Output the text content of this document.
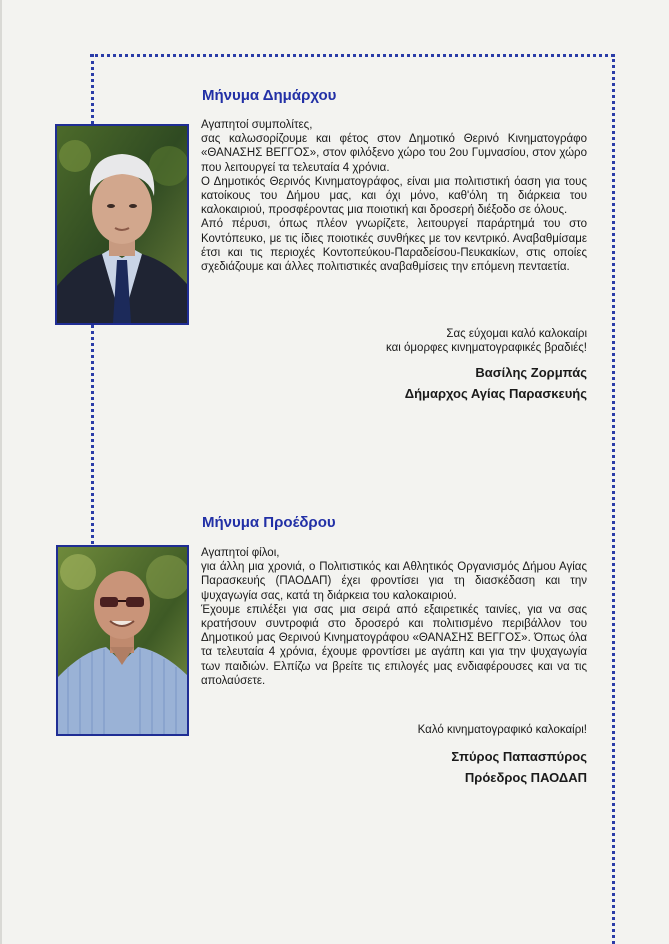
Μήνυμα Δημάρχου

Αγαπητοί συμπολίτες,

σας καλωσορίζουμε και φέτος στον Δημοτικό Θερινό Κινηματογράφο «ΘΑΝΑΣΗΣ ΒΕΓΓΟΣ», στον φιλόξενο χώρο του 2ου Γυμνασίου, στον χώρο που λειτουργεί τα τελευταία 4 χρόνια.

Ο Δημοτικός Θερινός Κινηματογράφος, είναι μια πολιτιστική όαση για τους κατοίκους του Δήμου μας, και όχι μόνο, καθ'όλη τη διάρκεια του καλοκαιριού, προσφέροντας μια ποιοτική και δροσερή διέξοδο σε όλους.

Από πέρυσι, όπως πλέον γνωρίζετε, λειτουργεί παράρτημά του στο Κοντόπευκο, με τις ίδιες ποιοτικές συνθήκες με τον κεντρικό. Αναβαθμίσαμε έτσι και τις περιοχές Κοντοπεύκου-Παραδείσου-Πευκακίων, στις οποίες σχεδιάζουμε και άλλες πολιτιστικές αναβαθμίσεις την επόμενη πενταετία.

Σας εύχομαι καλό καλοκαίρι
και όμορφες κινηματογραφικές βραδιές!
Βασίλης Ζορμπάς
Δήμαρχος Αγίας Παρασκευής
Μήνυμα Προέδρου

Αγαπητοί φίλοι,

για άλλη μια χρονιά, ο Πολιτιστικός και Αθλητικός Οργανισμός Δήμου Αγίας Παρασκευής (ΠΑΟΔΑΠ) έχει φροντίσει για τη διασκέδαση και την ψυχαγωγία σας, κατά τη διάρκεια του καλοκαιριού.

Έχουμε επιλέξει για σας μια σειρά από εξαιρετικές ταινίες, για να σας κρατήσουν συντροφιά στο δροσερό και πολιτισμένο περιβάλλον του Δημοτικού μας Θερινού Κινηματογράφου «ΘΑΝΑΣΗΣ ΒΕΓΓΟΣ». Όπως όλα τα τελευταία 4 χρόνια, έχουμε φροντίσει με αγάπη και για την ψυχαγωγία των παιδιών. Ελπίζω να βρείτε τις επιλογές μας ενδιαφέρουσες και να τις απολαύσετε.

Καλό κινηματογραφικό καλοκαίρι!
Σπύρος Παπασπύρος
Πρόεδρος ΠΑΟΔΑΠ
